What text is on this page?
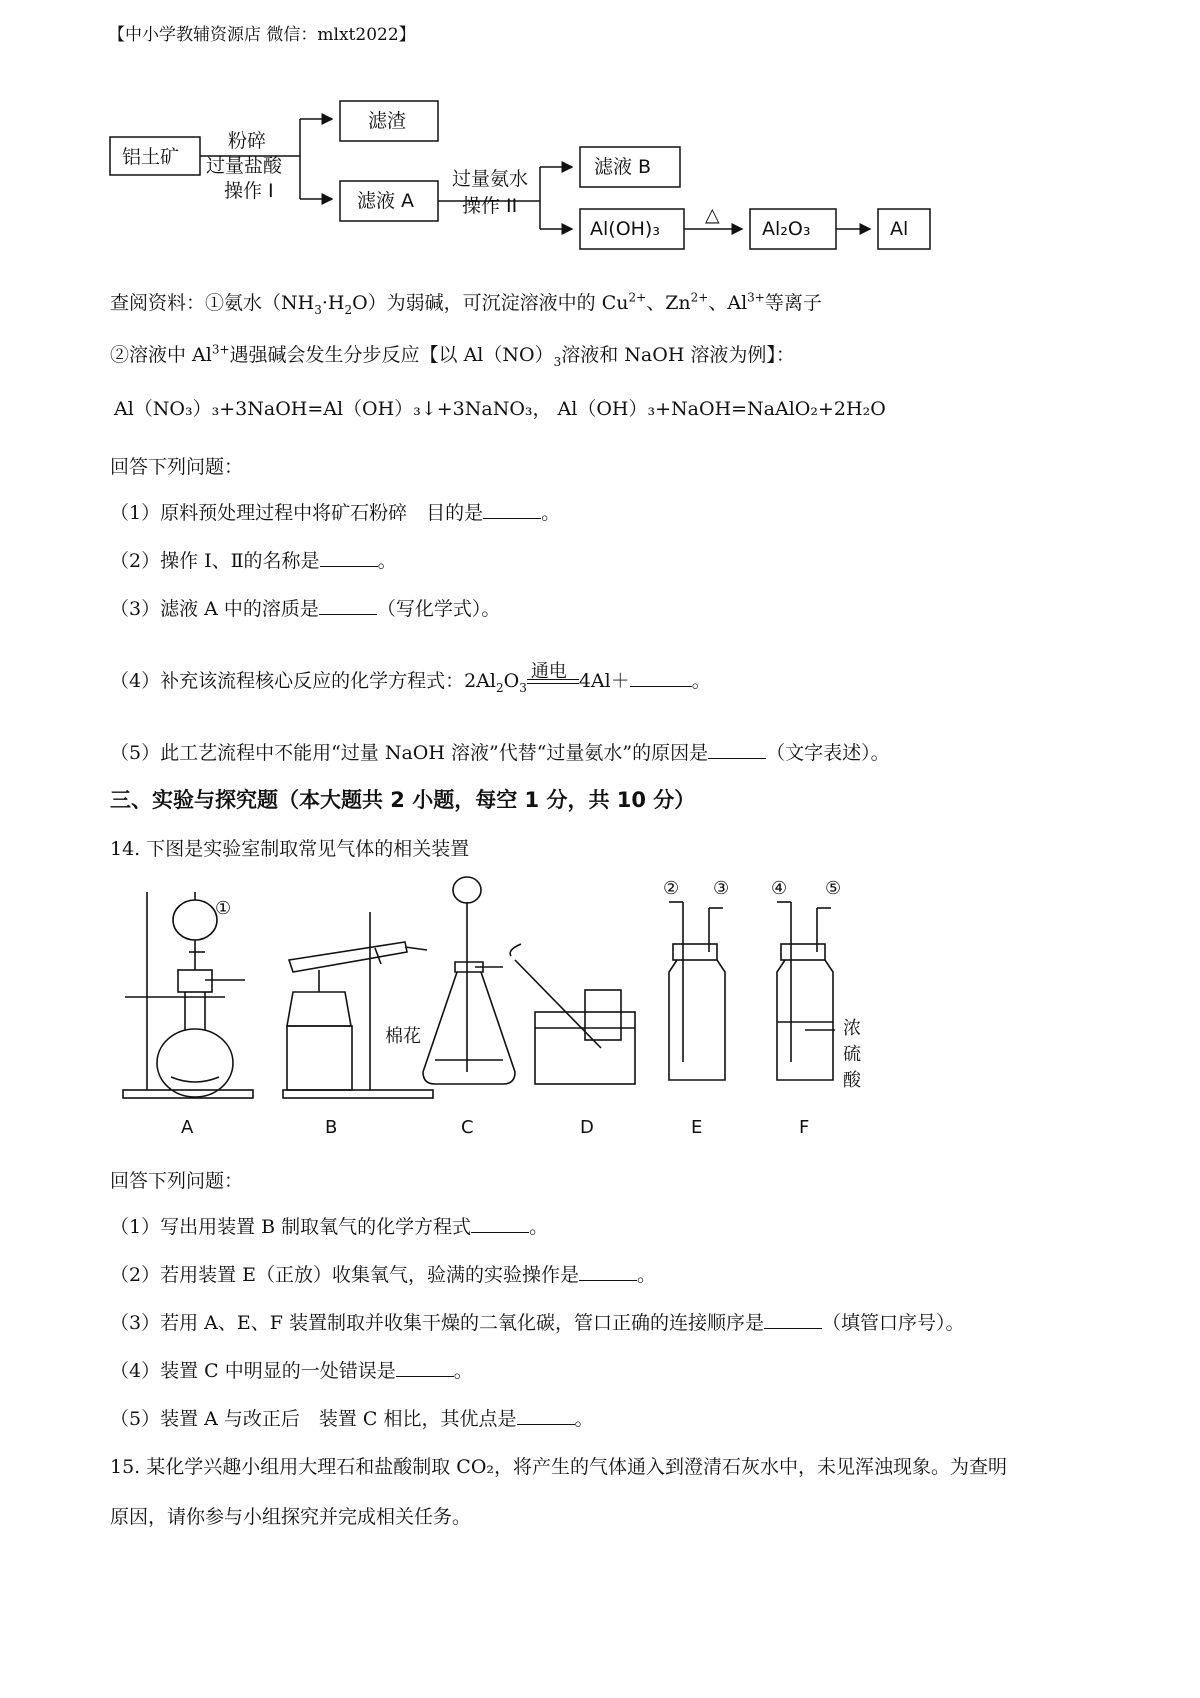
【中小学教辅资源店 微信：mlxt2022】
铝土矿
粉碎
过量盐酸
操作 I
滤渣
滤液 A
过量氨水
操作 II
滤液 B
Al(OH)₃
△
Al₂O₃	Al
查阅资料：①氨水$(NH_3\cdot H_2O)$为弱碱，可沉淀溶液中的 $Cu^{2+}$、$Zn^{2+}$、$Al^{3+}$等离子
②溶液中 $Al^{3+}$遇强碱会发生分步反应【以 $Al(NO)_3$溶液和 NaOH 溶液为例】：
Al（NO₃）₃+3NaOH=Al（OH）₃↓+3NaNO₃， Al（OH）₃+NaOH=NaAlO₂+2H₂O
回答下列问题：
（1）原料预处理过程中将矿石粉碎　目的是	。
（2）操作 I、Ⅱ的名称是	。
（3）滤液 A 中的溶质是	（写化学式）。
（4）补充该流程核心反应的化学方程式：$2Al_2O_3$
通电 4Al＋	。
（5）此工艺流程中不能用“过量 NaOH 溶液”代替“过量氨水”的原因是	（文字表述）。
三、实验与探究题（本大题共 2 小题，每空 1 分，共 10 分）
14. 下图是实验室制取常见气体的相关装置
①
② ③ ④ ⑤
棉花	浓
硫
酸
A	B	C	D	E	F
回答下列问题：
（1）写出用装置 B 制取氧气的化学方程式	。
（2）若用装置 E（正放）收集氧气，验满的实验操作是	。
（3）若用 A、E、F 装置制取并收集干燥的二氧化碳，管口正确的连接顺序是	（填管口序号）。
（4）装置 C 中明显的一处错误是	。
（5）装置 A 与改正后　装置 C 相比，其优点是	。
15. 某化学兴趣小组用大理石和盐酸制取 CO₂，将产生的气体通入到澄清石灰水中，未见浑浊现象。为查明
原因，请你参与小组探究并完成相关任务。
